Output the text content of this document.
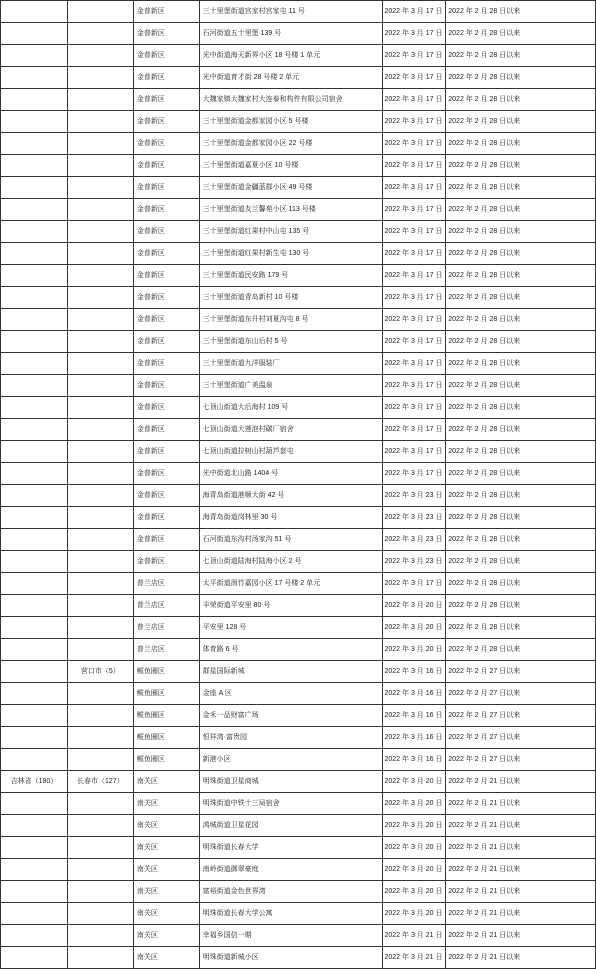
		金普新区	三十里堡街道宫家村宫家屯 11 号	2022 年 3 月 17 日	2022 年 2 月 28 日以来
		金普新区	石河街道五十里堡 139 号	2022 年 3 月 17 日	2022 年 2 月 28 日以来
		金普新区	光中街道海天新界小区 18 号楼 1 单元	2022 年 3 月 17 日	2022 年 2 月 28 日以来
		金普新区	光中街道育才街 28 号楼 2 单元	2022 年 3 月 17 日	2022 年 2 月 28 日以来
		金普新区	大魏家镇大魏家村大连泰和构件有限公司宿舍	2022 年 3 月 17 日	2022 年 2 月 28 日以来
		金普新区	三十里堡街道金都家园小区 5 号楼	2022 年 3 月 17 日	2022 年 2 月 28 日以来
		金普新区	三十里堡街道金都家园小区 22 号楼	2022 年 3 月 17 日	2022 年 2 月 28 日以来
		金普新区	三十里堡街道嘉夏小区 10 号楼	2022 年 3 月 17 日	2022 年 2 月 28 日以来
		金普新区	三十里堡街道金疆蓝郡小区 49 号楼	2022 年 3 月 17 日	2022 年 2 月 28 日以来
		金普新区	三十里堡街道友兰馨苑小区 113 号楼	2022 年 3 月 17 日	2022 年 2 月 28 日以来
		金普新区	三十里堡街道红果村中山屯 135 号	2022 年 3 月 17 日	2022 年 2 月 28 日以来
		金普新区	三十里堡街道红果村新生屯 130 号	2022 年 3 月 17 日	2022 年 2 月 28 日以来
		金普新区	三十里堡街道民安路 179 号	2022 年 3 月 17 日	2022 年 2 月 28 日以来
		金普新区	三十里堡街道青岛新村 10 号楼	2022 年 3 月 17 日	2022 年 2 月 28 日以来
		金普新区	三十里堡街道东升村刘夏沟屯 8 号	2022 年 3 月 17 日	2022 年 2 月 28 日以来
		金普新区	三十里堡街道东山后村 5 号	2022 年 3 月 17 日	2022 年 2 月 28 日以来
		金普新区	三十里堡街道九洋服装厂	2022 年 3 月 17 日	2022 年 2 月 28 日以来
		金普新区	三十里堡街道广美温泉	2022 年 3 月 17 日	2022 年 2 月 28 日以来
		金普新区	七顶山街道大后海村 109 号	2022 年 3 月 17 日	2022 年 2 月 28 日以来
		金普新区	七顶山街道大莲泡村碳厂宿舍	2022 年 3 月 17 日	2022 年 2 月 28 日以来
		金普新区	七顶山街道拉树山村葫芦套屯	2022 年 3 月 17 日	2022 年 2 月 28 日以来
		金普新区	光中街道北山路 1404 号	2022 年 3 月 17 日	2022 年 2 月 28 日以来
		金普新区	海青岛街道港顺大街 42 号	2022 年 3 月 23 日	2022 年 2 月 28 日以来
		金普新区	海青岛街道岗林里 30 号	2022 年 3 月 23 日	2022 年 2 月 28 日以来
		金普新区	石河街道东沟村汤家沟 51 号	2022 年 3 月 23 日	2022 年 2 月 28 日以来
		金普新区	七顶山街道陆海村陆海小区 2 号	2022 年 3 月 23 日	2022 年 2 月 28 日以来
		普兰店区	太平街道润竹嘉园小区 17 号楼 2 单元	2022 年 3 月 17 日	2022 年 2 月 28 日以来
		普兰店区	丰荣街道平安里 80 号	2022 年 3 月 20 日	2022 年 2 月 28 日以来
		普兰店区	平安里 128 号	2022 年 3 月 20 日	2022 年 2 月 28 日以来
		普兰店区	体育路 6 号	2022 年 3 月 20 日	2022 年 2 月 28 日以来
	营口市（5）	鲅鱼圈区	群星国际新城	2022 年 3 月 16 日	2022 年 2 月 27 日以来
		鲅鱼圈区	金座 A 区	2022 年 3 月 16 日	2022 年 2 月 27 日以来
		鲅鱼圈区	金禾一品财富广场	2022 年 3 月 16 日	2022 年 2 月 27 日以来
		鲅鱼圈区	恒祥湾·富贵园	2022 年 3 月 16 日	2022 年 2 月 27 日以来
		鲅鱼圈区	新港小区	2022 年 3 月 16 日	2022 年 2 月 27 日以来
吉林省（180）	长春市（127）	南关区	明珠街道卫星商城	2022 年 3 月 20 日	2022 年 2 月 21 日以来
		南关区	明珠街道中铁十三局宿舍	2022 年 3 月 20 日	2022 年 2 月 21 日以来
		南关区	鸿城街道卫星花园	2022 年 3 月 20 日	2022 年 2 月 21 日以来
		南关区	明珠街道长春大学	2022 年 3 月 20 日	2022 年 2 月 21 日以来
		南关区	南岭街道御翠豪庭	2022 年 3 月 20 日	2022 年 2 月 21 日以来
		南关区	富裕街道金色世界湾	2022 年 3 月 20 日	2022 年 2 月 21 日以来
		南关区	明珠街道长春大学公寓	2022 年 3 月 20 日	2022 年 2 月 21 日以来
		南关区	幸福乡国信一期	2022 年 3 月 21 日	2022 年 2 月 21 日以来
		南关区	明珠街道新城小区	2022 年 3 月 21 日	2022 年 2 月 21 日以来
